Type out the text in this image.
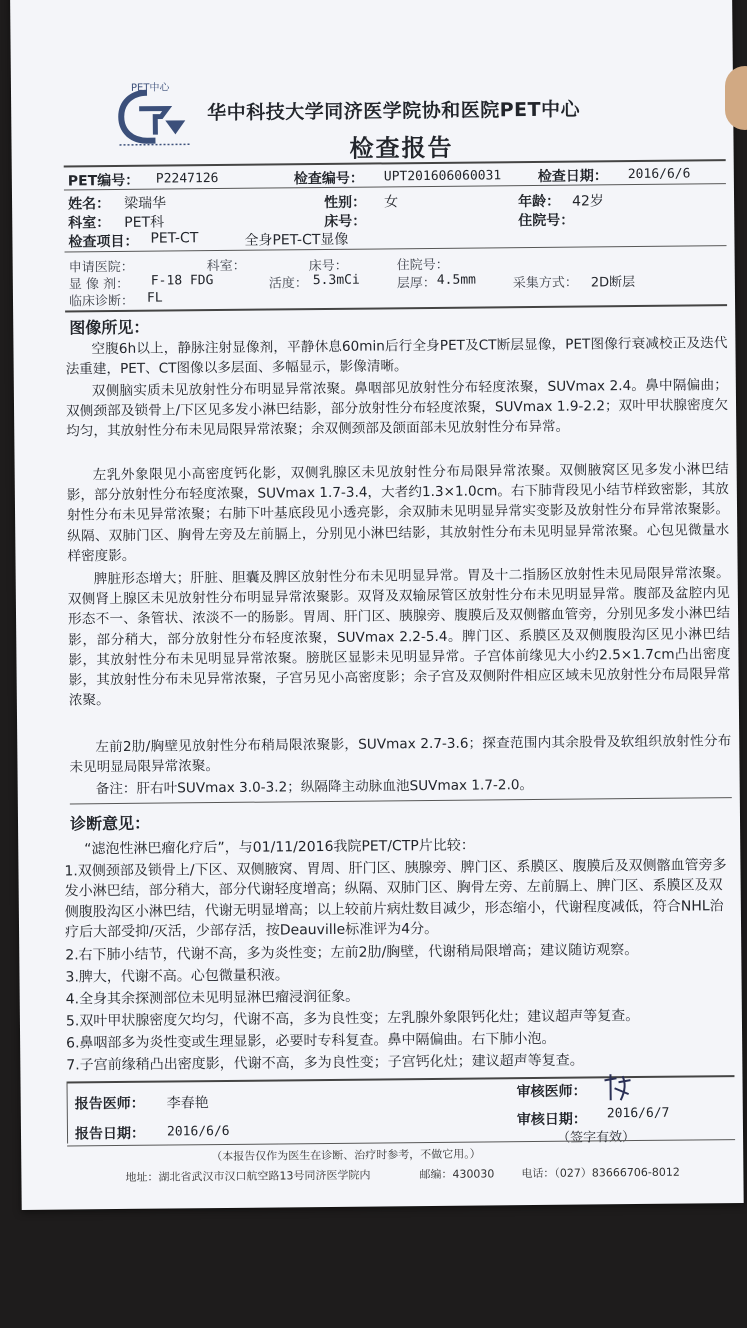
PET中心
华中科技大学同济医学院协和医院PET中心
检查报告
PET编号： P2247126	检查编号： UPT201606060031	检查日期： 2016/6/6
姓名： 梁瑞华	性别： 女	年龄： 42岁
科室： PET科	床号：	住院号：
检查项目： PET-CT	全身PET-CT显像
申请医院：	科室：	床号：	住院号：
显 像 剂： F-18 FDG	活度： 5.3mCi	层厚： 4.5mm	采集方式： 2D断层
临床诊断： FL
图像所见：

空腹6h以上，静脉注射显像剂，平静休息60min后行全身PET及CT断层显像，PET图像行衰减校正及迭代法重建，PET、CT图像以多层面、多幅显示，影像清晰。

双侧脑实质未见放射性分布明显异常浓聚。鼻咽部见放射性分布轻度浓聚，SUVmax 2.4。鼻中隔偏曲；双侧颈部及锁骨上/下区见多发小淋巴结影，部分放射性分布轻度浓聚，SUVmax 1.9-2.2；双叶甲状腺密度欠均匀，其放射性分布未见局限异常浓聚；余双侧颈部及颌面部未见放射性分布异常。

左乳外象限见小高密度钙化影，双侧乳腺区未见放射性分布局限异常浓聚。双侧腋窝区见多发小淋巴结影，部分放射性分布轻度浓聚，SUVmax 1.7-3.4，大者约1.3×1.0cm。右下肺背段见小结节样致密影，其放射性分布未见异常浓聚；右肺下叶基底段见小透亮影，余双肺未见明显异常实变影及放射性分布异常浓聚影。纵隔、双肺门区、胸骨左旁及左前膈上，分别见小淋巴结影，其放射性分布未见明显异常浓聚。心包见微量水样密度影。

脾脏形态增大；肝脏、胆囊及脾区放射性分布未见明显异常。胃及十二指肠区放射性未见局限异常浓聚。双侧肾上腺区未见放射性分布明显异常浓聚影。双肾及双输尿管区放射性分布未见明显异常。腹部及盆腔内见形态不一、条管状、浓淡不一的肠影。胃周、肝门区、胰腺旁、腹膜后及双侧髂血管旁，分别见多发小淋巴结影，部分稍大，部分放射性分布轻度浓聚，SUVmax 2.2-5.4。脾门区、系膜区及双侧腹股沟区见小淋巴结影，其放射性分布未见明显异常浓聚。膀胱区显影未见明显异常。子宫体前缘见大小约2.5×1.7cm凸出密度影，其放射性分布未见异常浓聚，子宫另见小高密度影；余子宫及双侧附件相应区域未见放射性分布局限异常浓聚。

左前2肋/胸壁见放射性分布稍局限浓聚影，SUVmax 2.7-3.6；探查范围内其余股骨及软组织放射性分布未见明显局限异常浓聚。

备注：肝右叶SUVmax 3.0-3.2；纵隔降主动脉血池SUVmax 1.7-2.0。

诊断意见：

“滤泡性淋巴瘤化疗后”，与01/11/2016我院PET/CTP片比较：

1.双侧颈部及锁骨上/下区、双侧腋窝、胃周、肝门区、胰腺旁、脾门区、系膜区、腹膜后及双侧髂血管旁多发小淋巴结，部分稍大，部分代谢轻度增高；纵隔、双肺门区、胸骨左旁、左前膈上、脾门区、系膜区及双侧腹股沟区小淋巴结，代谢无明显增高；以上较前片病灶数目减少，形态缩小，代谢程度减低，符合NHL治疗后大部受抑/灭活，少部存活，按Deauville标准评为4分。

2.右下肺小结节，代谢不高，多为炎性变；左前2肋/胸壁，代谢稍局限增高；建议随访观察。

3.脾大，代谢不高。心包微量积液。

4.全身其余探测部位未见明显淋巴瘤浸润征象。

5.双叶甲状腺密度欠均匀，代谢不高，多为良性变；左乳腺外象限钙化灶；建议超声等复查。

6.鼻咽部多为炎性变或生理显影，必要时专科复查。鼻中隔偏曲。右下肺小泡。

7.子宫前缘稍凸出密度影，代谢不高，多为良性变；子宫钙化灶；建议超声等复查。

报告医师： 李春艳
审核医师：
审核日期： 2016/6/7
报告日期： 2016/6/6	（签字有效）
（本报告仅作为医生在诊断、治疗时参考，不做它用。）
地址：湖北省武汉市汉口航空路13号同济医学院内	邮编：430030 电话：（027）83666706-8012
